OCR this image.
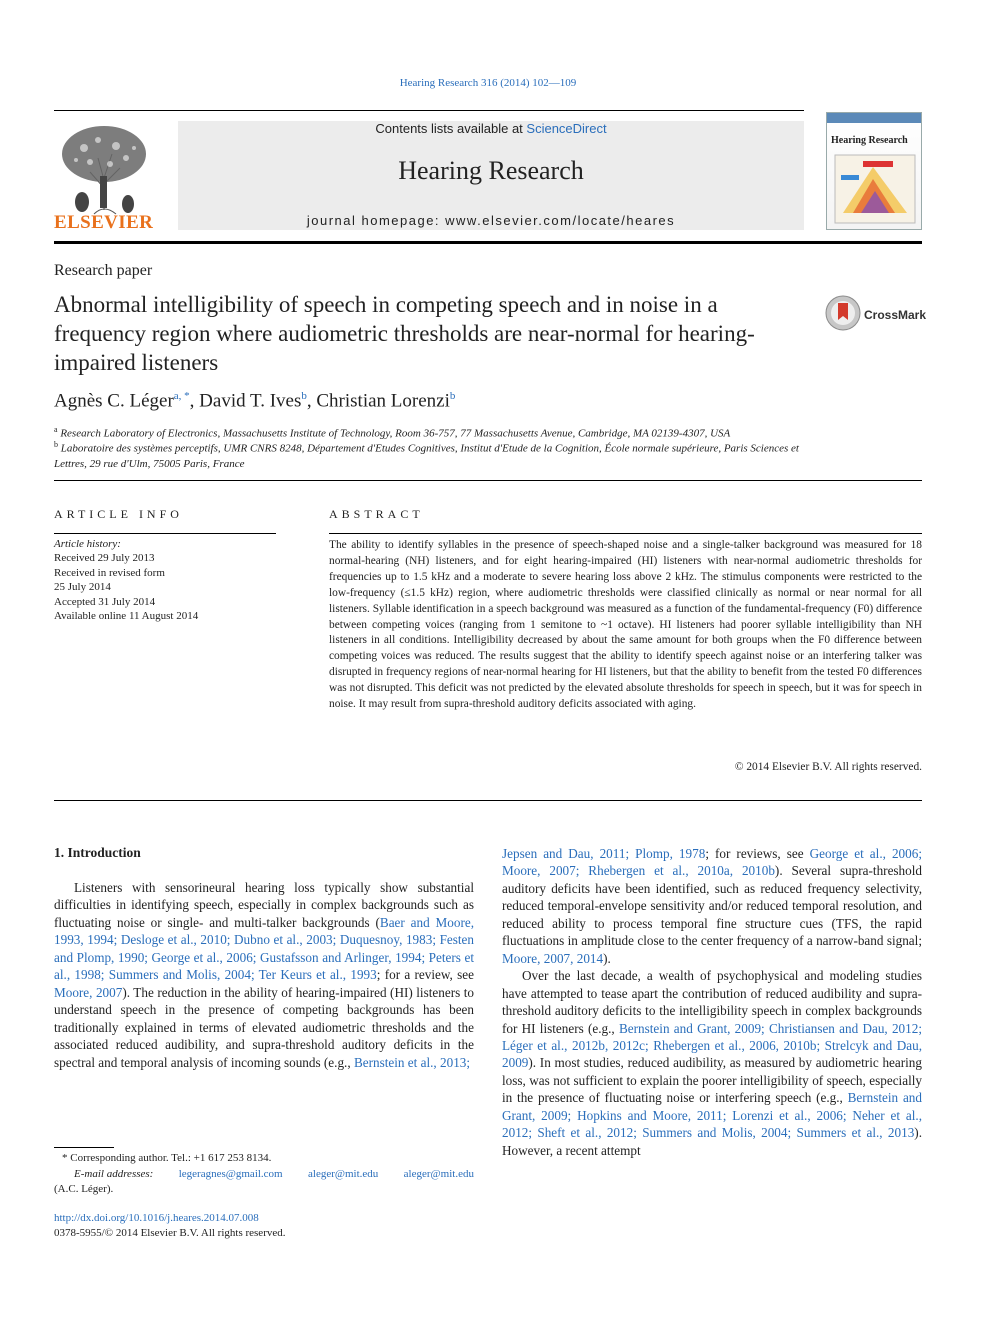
Hearing Research 316 (2014) 102—109
ELSEVIER
Contents lists available at ScienceDirect
Hearing Research
journal homepage: www.elsevier.com/locate/heares
Hearing Research
Research paper
Abnormal intelligibility of speech in competing speech and in noise in a frequency region where audiometric thresholds are near-normal for hearing-impaired listeners
CrossMark
Agnès C. Léger$^{a, *}$, David T. Ives$^b$, Christian Lorenzi$^b$
$^a$ Research Laboratory of Electronics, Massachusetts Institute of Technology, Room 36-757, 77 Massachusetts Avenue, Cambridge, MA 02139-4307, USA
$^b$ Laboratoire des systèmes perceptifs, UMR CNRS 8248, Département d'Etudes Cognitives, Institut d'Etude de la Cognition, École normale supérieure, Paris Sciences et Lettres, 29 rue d'Ulm, 75005 Paris, France
ARTICLE INFO
Article history:
Received 29 July 2013
Received in revised form
25 July 2014
Accepted 31 July 2014
Available online 11 August 2014
ABSTRACT
The ability to identify syllables in the presence of speech-shaped noise and a single-talker background was measured for 18 normal-hearing (NH) listeners, and for eight hearing-impaired (HI) listeners with near-normal audiometric thresholds for frequencies up to 1.5 kHz and a moderate to severe hearing loss above 2 kHz. The stimulus components were restricted to the low-frequency (≤1.5 kHz) region, where audiometric thresholds were classified clinically as normal or near normal for all listeners. Syllable identification in a speech background was measured as a function of the fundamental-frequency (F0) difference between competing voices (ranging from 1 semitone to ~1 octave). HI listeners had poorer syllable intelligibility than NH listeners in all conditions. Intelligibility decreased by about the same amount for both groups when the F0 difference between competing voices was reduced. The results suggest that the ability to identify speech against noise or an interfering talker was disrupted in frequency regions of near-normal hearing for HI listeners, but that the ability to benefit from the tested F0 differences was not disrupted. This deficit was not predicted by the elevated absolute thresholds for speech in speech, but it was for speech in noise. It may result from supra-threshold auditory deficits associated with aging.
© 2014 Elsevier B.V. All rights reserved.
1. Introduction

Listeners with sensorineural hearing loss typically show substantial difficulties in identifying speech, especially in complex backgrounds such as fluctuating noise or single- and multi-talker backgrounds (Baer and Moore, 1993, 1994; Desloge et al., 2010; Dubno et al., 2003; Duquesnoy, 1983; Festen and Plomp, 1990; George et al., 2006; Gustafsson and Arlinger, 1994; Peters et al., 1998; Summers and Molis, 2004; Ter Keurs et al., 1993; for a review, see Moore, 2007). The reduction in the ability of hearing-impaired (HI) listeners to understand speech in the presence of competing backgrounds has been traditionally explained in terms of elevated audiometric thresholds and the associated reduced audibility, and supra-threshold auditory deficits in the spectral and temporal analysis of incoming sounds (e.g., Bernstein et al., 2013;

Jepsen and Dau, 2011; Plomp, 1978; for reviews, see George et al., 2006; Moore, 2007; Rhebergen et al., 2010a, 2010b). Several supra-threshold auditory deficits have been identified, such as reduced frequency selectivity, reduced temporal-envelope sensitivity and/or reduced temporal resolution, and reduced ability to process temporal fine structure cues (TFS, the rapid fluctuations in amplitude close to the center frequency of a narrow-band signal; Moore, 2007, 2014).

Over the last decade, a wealth of psychophysical and modeling studies have attempted to tease apart the contribution of reduced audibility and supra-threshold auditory deficits to the intelligibility speech in complex backgrounds for HI listeners (e.g., Bernstein and Grant, 2009; Christiansen and Dau, 2012; Léger et al., 2012b, 2012c; Rhebergen et al., 2006, 2010b; Strelcyk and Dau, 2009). In most studies, reduced audibility, as measured by audiometric hearing loss, was not sufficient to explain the poorer intelligibility of speech, especially in the presence of fluctuating noise or interfering speech (e.g., Bernstein and Grant, 2009; Hopkins and Moore, 2011; Lorenzi et al., 2006; Neher et al., 2012; Sheft et al., 2012; Summers and Molis, 2004; Summers et al., 2013). However, a recent attempt

* Corresponding author. Tel.: +1 617 253 8134.
E-mail addresses: legeragnes@gmail.com aleger@mit.edu aleger@mit.edu
(A.C. Léger).
http://dx.doi.org/10.1016/j.heares.2014.07.008
0378-5955/© 2014 Elsevier B.V. All rights reserved.
